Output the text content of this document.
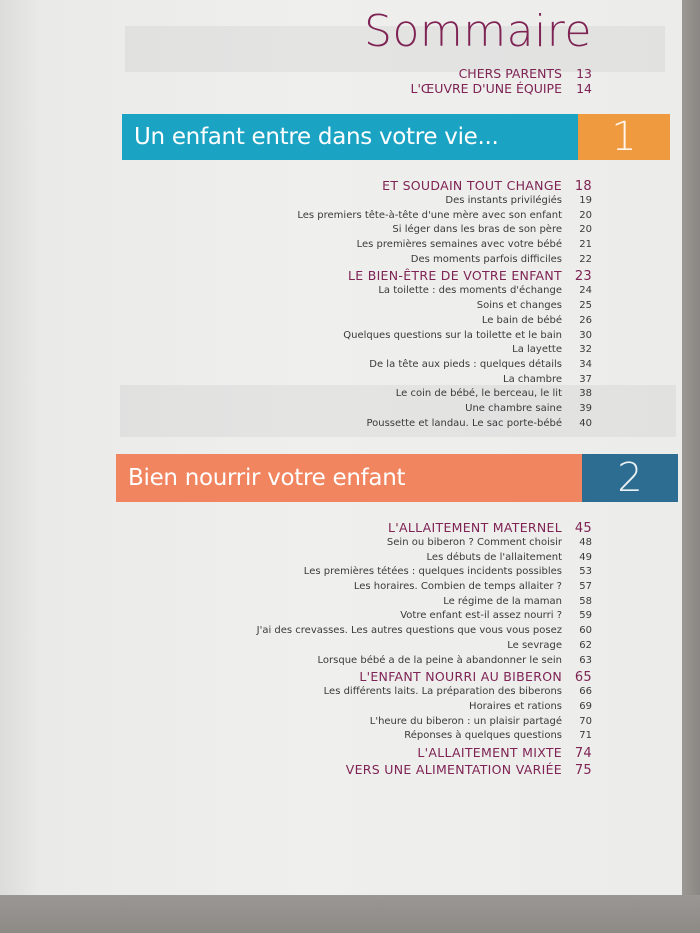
Sommaire
CHERS PARENTS	13
L'ŒUVRE D'UNE ÉQUIPE	14
Un enfant entre dans votre vie...	1
ET SOUDAIN TOUT CHANGE 18
Des instants privilégiés	19
Les premiers tête-à-tête d'une mère avec son enfant	20
Si léger dans les bras de son père	20
Les premières semaines avec votre bébé	21
Des moments parfois difficiles	22
LE BIEN-ÊTRE DE VOTRE ENFANT 23
La toilette : des moments d'échange	24
Soins et changes	25
Le bain de bébé	26
Quelques questions sur la toilette et le bain	30
La layette	32
De la tête aux pieds : quelques détails	34
La chambre	37
Le coin de bébé, le berceau, le lit	38
Une chambre saine	39
Poussette et landau. Le sac porte-bébé	40
Bien nourrir votre enfant	2
L'ALLAITEMENT MATERNEL 45
Sein ou biberon ? Comment choisir	48
Les débuts de l'allaitement	49
Les premières tétées : quelques incidents possibles	53
Les horaires. Combien de temps allaiter ?	57
Le régime de la maman	58
Votre enfant est-il assez nourri ?	59
J'ai des crevasses. Les autres questions que vous vous posez	60
Le sevrage	62
Lorsque bébé a de la peine à abandonner le sein	63
L'ENFANT NOURRI AU BIBERON 65
Les différents laits. La préparation des biberons	66
Horaires et rations	69
L'heure du biberon : un plaisir partagé	70
Réponses à quelques questions	71
L'ALLAITEMENT MIXTE 74
VERS UNE ALIMENTATION VARIÉE 75
